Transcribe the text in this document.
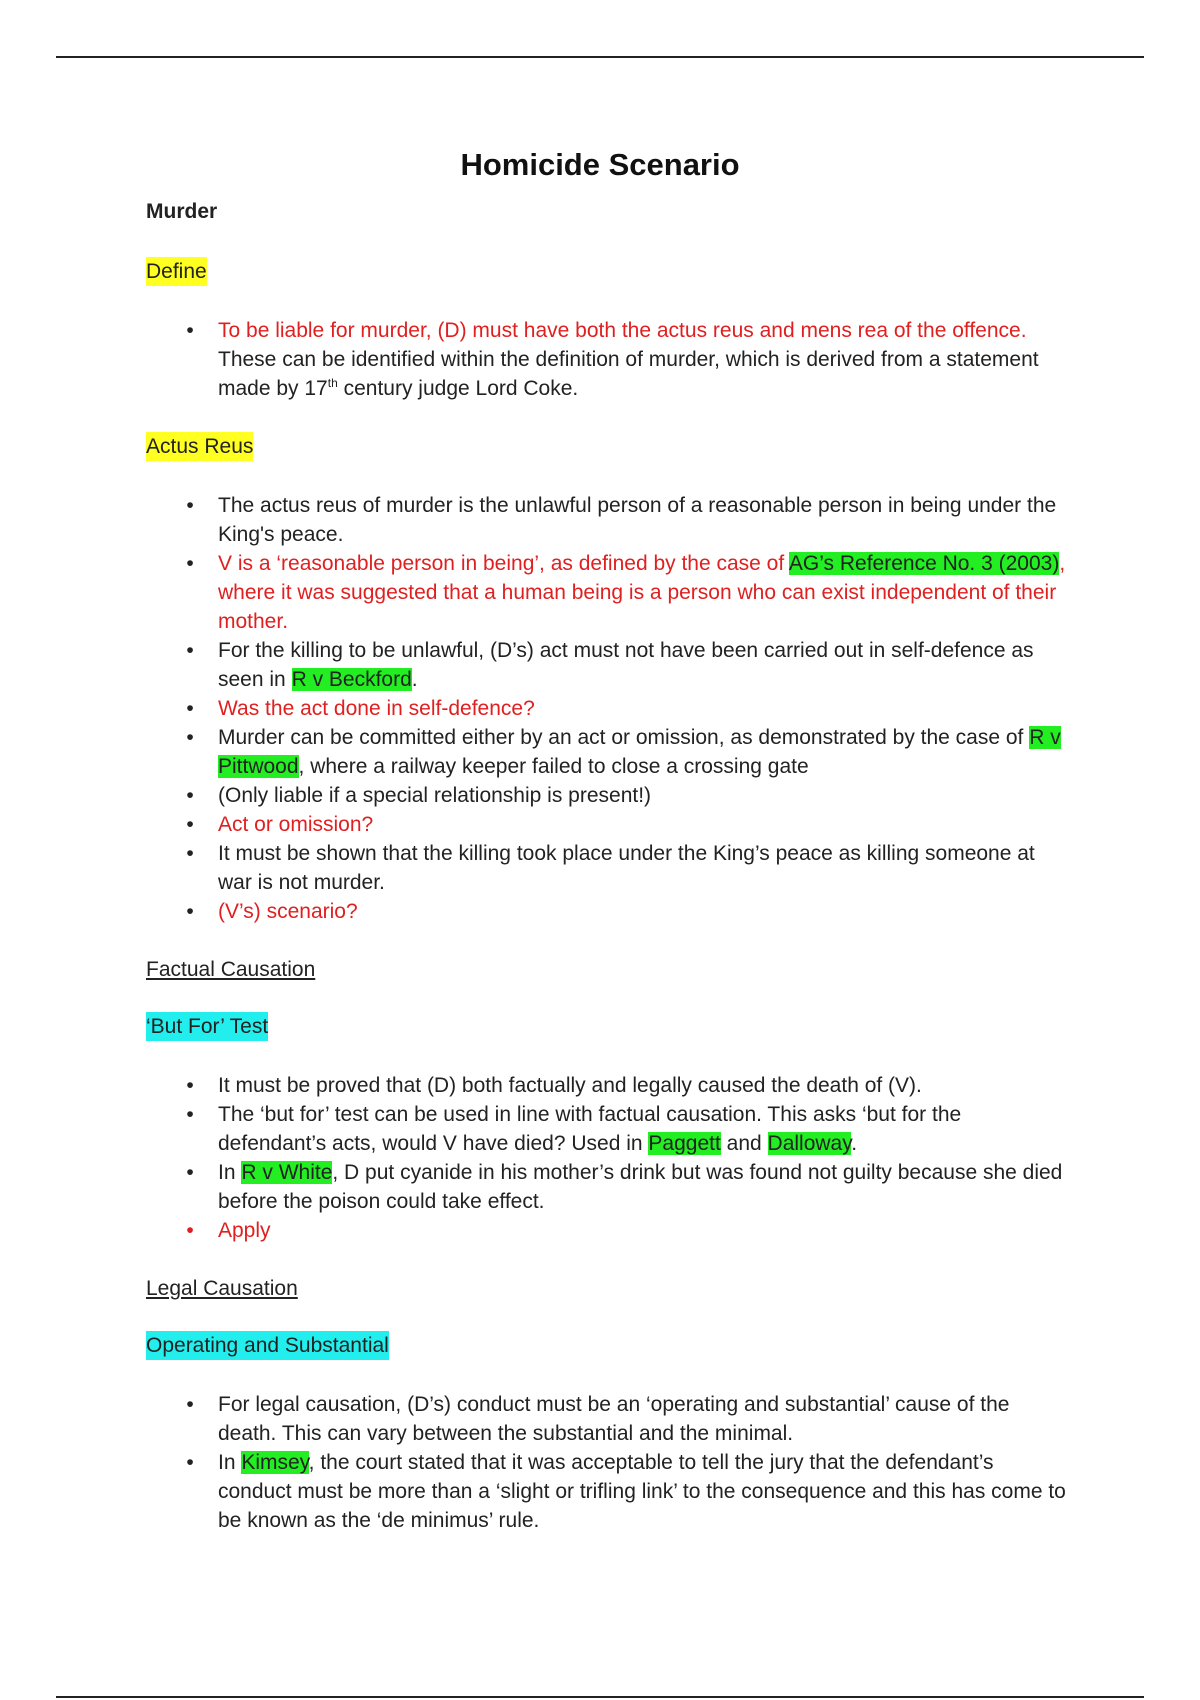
Homicide Scenario
Murder
Define
•	To be liable for murder, (D) must have both the actus reus and mens rea of the offence. These can be identified within the definition of murder, which is derived from a statement made by 17th century judge Lord Coke.
Actus Reus
•	The actus reus of murder is the unlawful person of a reasonable person in being under the King's peace.
•	V is a ‘reasonable person in being’, as defined by the case of AG’s Reference No. 3 (2003), where it was suggested that a human being is a person who can exist independent of their mother.
•	For the killing to be unlawful, (D’s) act must not have been carried out in self-defence as seen in R v Beckford.
•	Was the act done in self-defence?
•	Murder can be committed either by an act or omission, as demonstrated by the case of R v Pittwood, where a railway keeper failed to close a crossing gate
•	(Only liable if a special relationship is present!)
•	Act or omission?
•	It must be shown that the killing took place under the King’s peace as killing someone at war is not murder.
•	(V’s) scenario?
Factual Causation
‘But For’ Test
•	It must be proved that (D) both factually and legally caused the death of (V).
•	The ‘but for’ test can be used in line with factual causation. This asks ‘but for the defendant’s acts, would V have died? Used in Paggett and Dalloway.
•	In R v White, D put cyanide in his mother’s drink but was found not guilty because she died before the poison could take effect.
•	Apply
Legal Causation
Operating and Substantial
•	For legal causation, (D’s) conduct must be an ‘operating and substantial’ cause of the death. This can vary between the substantial and the minimal.
•	In Kimsey, the court stated that it was acceptable to tell the jury that the defendant’s conduct must be more than a ‘slight or trifling link’ to the consequence and this has come to be known as the ‘de minimus’ rule.
